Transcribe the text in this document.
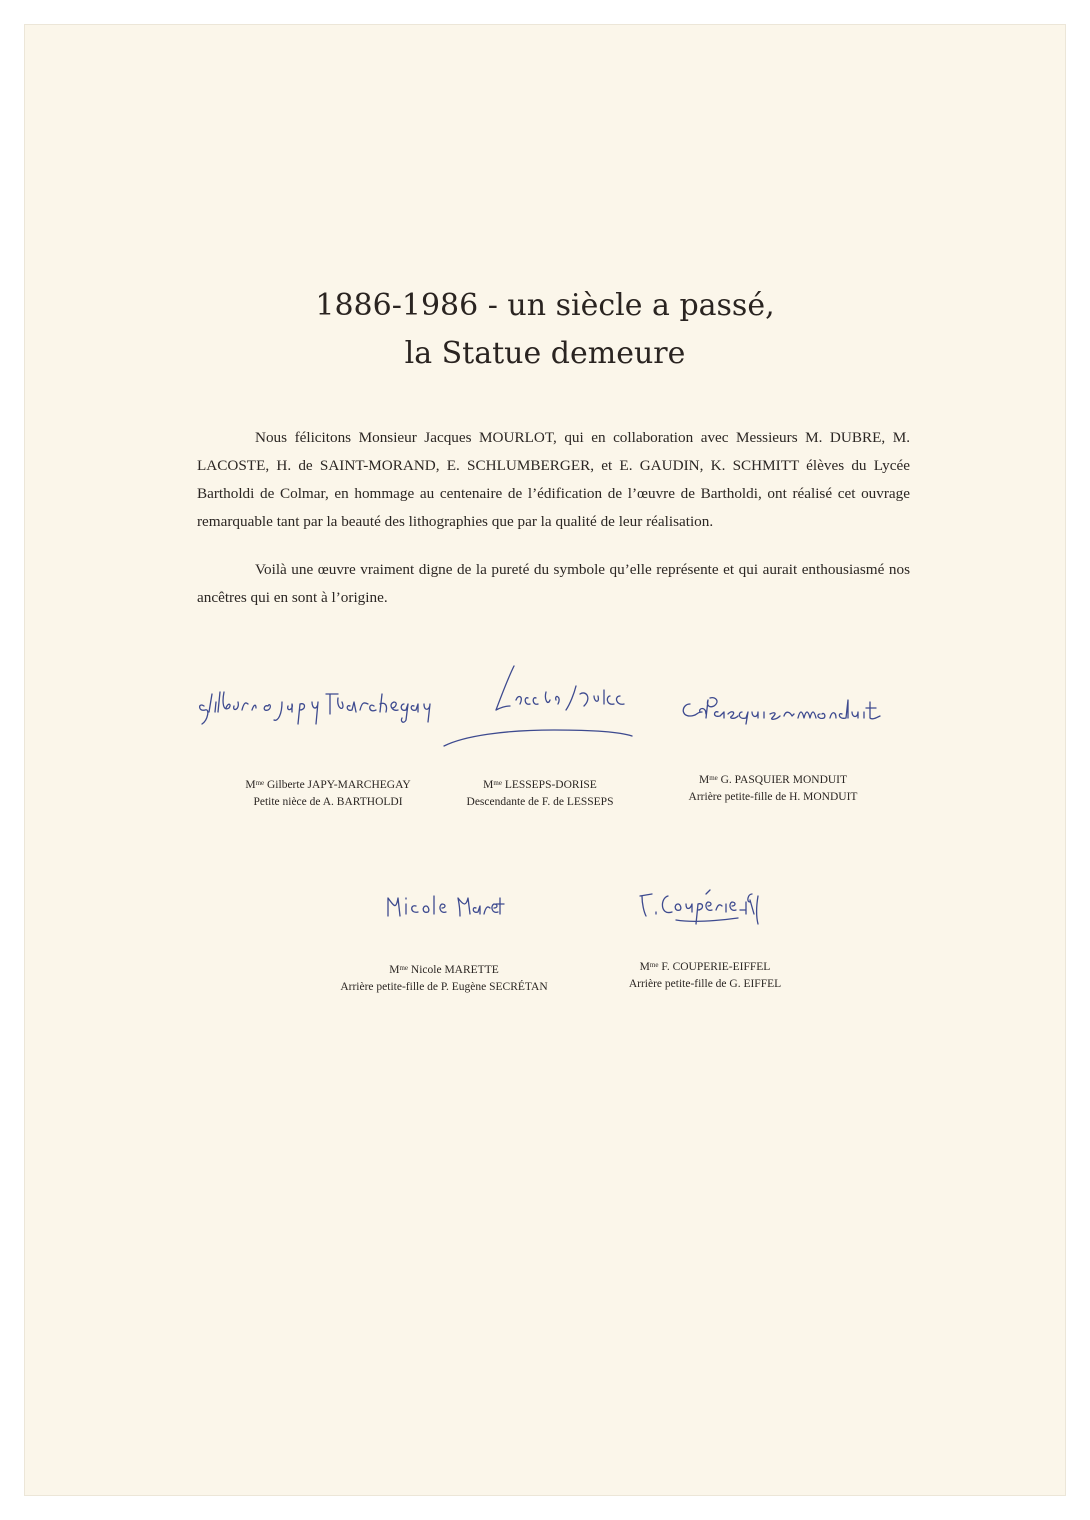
1886-1986 - un siècle a passé,
la Statue demeure

Nous félicitons Monsieur Jacques MOURLOT, qui en collaboration avec Messieurs M. DUBRE, M. LACOSTE, H. de SAINT-MORAND, E. SCHLUMBERGER, et E. GAUDIN, K. SCHMITT élèves du Lycée Bartholdi de Colmar, en hommage au centenaire de l’édification de l’œuvre de Bartholdi, ont réalisé cet ouvrage remarquable tant par la beauté des lithographies que par la qualité de leur réalisation.

Voilà une œuvre vraiment digne de la pureté du symbole qu’elle représente et qui aurait enthousiasmé nos ancêtres qui en sont à l’origine.

$M^{me}$ Gilberte JAPY-MARCHEGAY
Petite nièce de A. BARTHOLDI
$M^{me}$ LESSEPS-DORISE
Descendante de F. de LESSEPS
$M^{me}$ G. PASQUIER MONDUIT
Arrière petite-fille de H. MONDUIT
$M^{me}$ Nicole MARETTE
Arrière petite-fille de P. Eugène SECRÉTAN
$M^{me}$ F. COUPERIE-EIFFEL
Arrière petite-fille de G. EIFFEL
